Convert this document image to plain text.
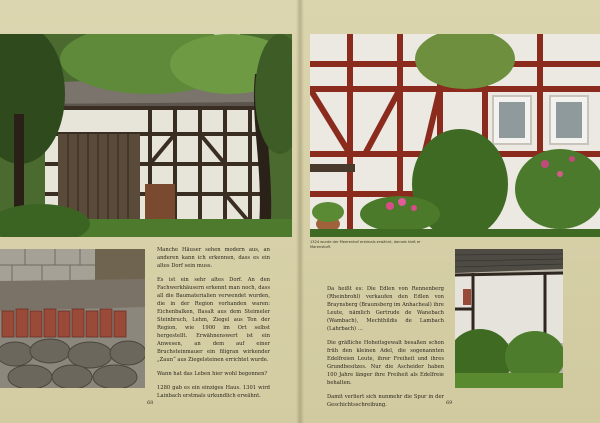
Manche Häuser sehen modern aus, an anderen kann ich erkennen, dass es ein altes Dorf sein muss.

Es ist ein sehr altes Dorf. An den Fachwerkhäusern erkennt man noch, dass all die Baumaterialien verwendet wurden, die in der Region vorhanden waren: Eichenbalken, Basalt aus dem Steimeler Steinbruch, Lehm, Ziegel aus Ton der Region, wie 1900 im Ort selbst hergestellt. Erwähnenswert ist ein Anwesen, an dem auf einer Bruchsteinmauer ein filigran wirkender „Zaun“ aus Ziegelsteinen errichtet wurde.

Wann hat das Leben hier wohl begonnen?

1280 gab es ein einziges Haus. 1301 wird Lainbach erstmals urkundlich erwähnt.

1324 wurde der Meerenhof erstmals erwähnt, damals hieß er Marenshoff.

Da heißt es: Die Edlen von Rennenberg (Rheinbrohl) verkaufen den Edlen von Braynsberg (Braunsberg im Anhacheal) ihre Leute, nämlich Gertrude de Wanebach (Wambach), Mechthildis de Lambach (Lahrbach) …

Die gräfliche Hoheitsgewalt besaßen schon früh den kleinen Adel, die sogenannten Edelfreien Leute, ihrer Freiheit und ihres Grundbesitzes. Nur die Ascheider haben 100 Jahre länger ihre Freiheit als Edelfreie behalten.

Damit verliert sich nunmehr die Spur in der Geschichtsschreibung.

68	69
